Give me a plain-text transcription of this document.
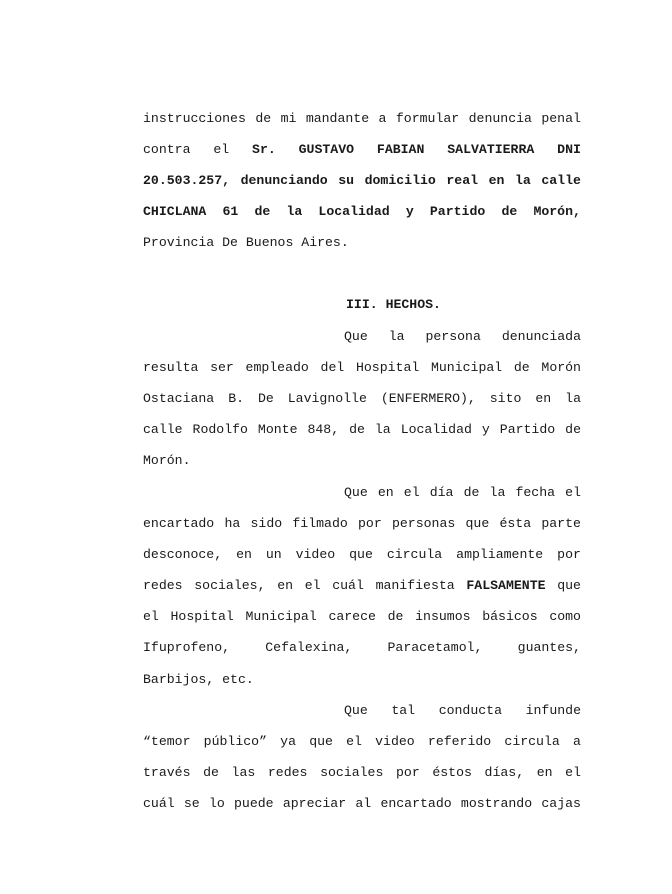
instrucciones de mi mandante a formular denuncia penal
contra el Sr. GUSTAVO FABIAN SALVATIERRA DNI
20.503.257, denunciando su domicilio real en la calle
CHICLANA 61 de la Localidad y Partido de Morón,
Provincia De Buenos Aires.
III. HECHOS.
Que la persona denunciada
resulta ser empleado del Hospital Municipal de Morón
Ostaciana B. De Lavignolle (ENFERMERO), sito en la
calle Rodolfo Monte 848, de la Localidad y Partido de
Morón.
Que en el día de la fecha el
encartado ha sido filmado por personas que ésta parte
desconoce, en un video que circula ampliamente por
redes sociales, en el cuál manifiesta FALSAMENTE que
el Hospital Municipal carece de insumos básicos como
Ifuprofeno,	Cefalexina,	Paracetamol,	guantes,
Barbijos, etc.
Que tal conducta infunde
“temor público” ya que el video referido circula a
través de las redes sociales por éstos días, en el
cuál se lo puede apreciar al encartado mostrando cajas
